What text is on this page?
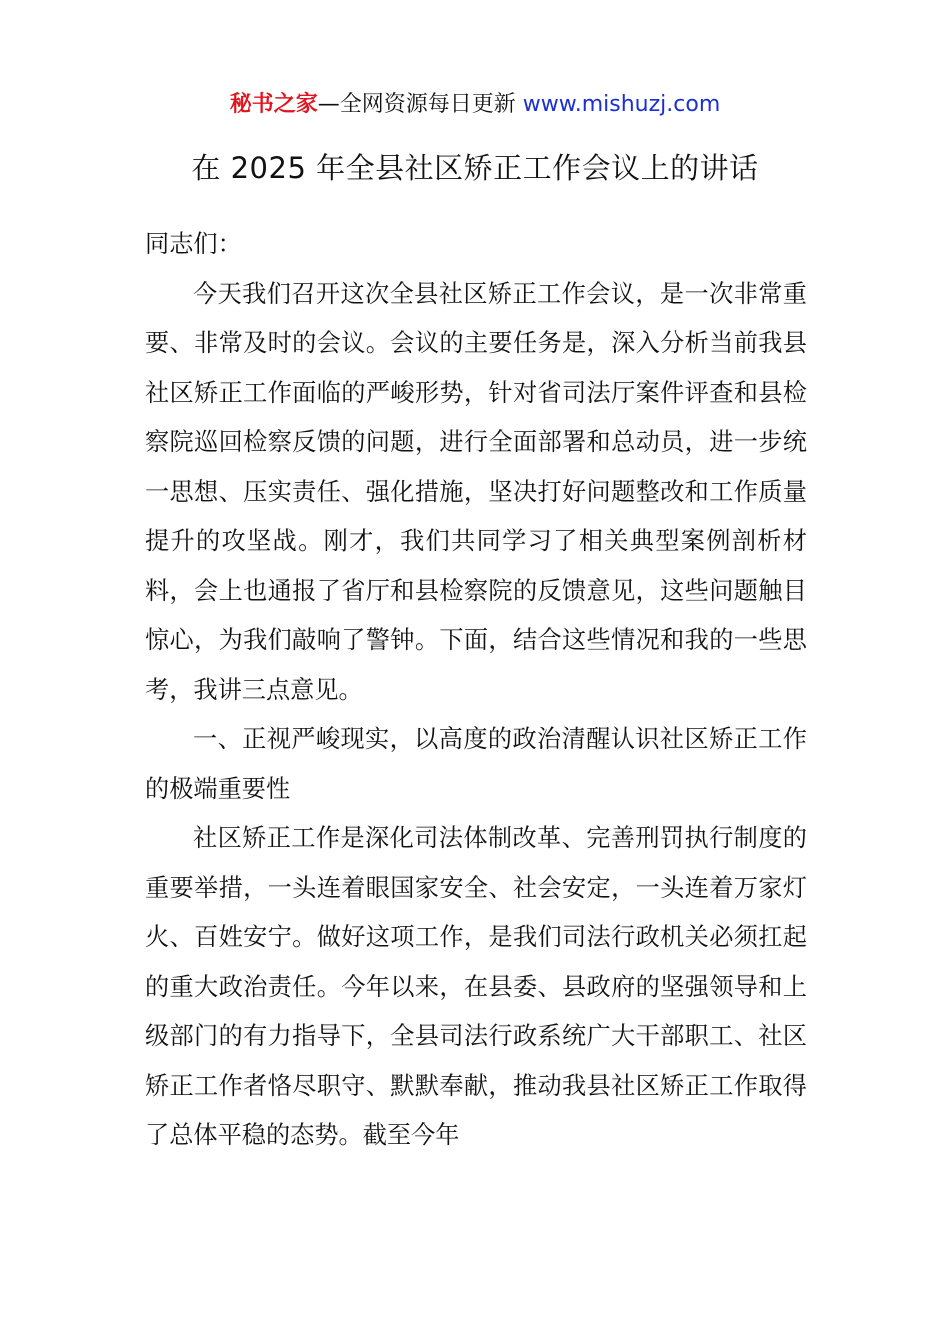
秘书之家—全网资源每日更新 www.mishuzj.com
在 2025 年全县社区矫正工作会议上的讲话

同志们：

今天我们召开这次全县社区矫正工作会议，是一次非常重要、非常及时的会议。会议的主要任务是，深入分析当前我县社区矫正工作面临的严峻形势，针对省司法厅案件评查和县检察院巡回检察反馈的问题，进行全面部署和总动员，进一步统一思想、压实责任、强化措施，坚决打好问题整改和工作质量提升的攻坚战。刚才，我们共同学习了相关典型案例剖析材料，会上也通报了省厅和县检察院的反馈意见，这些问题触目惊心，为我们敲响了警钟。下面，结合这些情况和我的一些思考，我讲三点意见。

一、正视严峻现实，以高度的政治清醒认识社区矫正工作的极端重要性

社区矫正工作是深化司法体制改革、完善刑罚执行制度的重要举措，一头连着眼国家安全、社会安定，一头连着万家灯火、百姓安宁。做好这项工作，是我们司法行政机关必须扛起的重大政治责任。今年以来，在县委、县政府的坚强领导和上级部门的有力指导下，全县司法行政系统广大干部职工、社区矫正工作者恪尽职守、默默奉献，推动我县社区矫正工作取得了总体平稳的态势。截至今年
